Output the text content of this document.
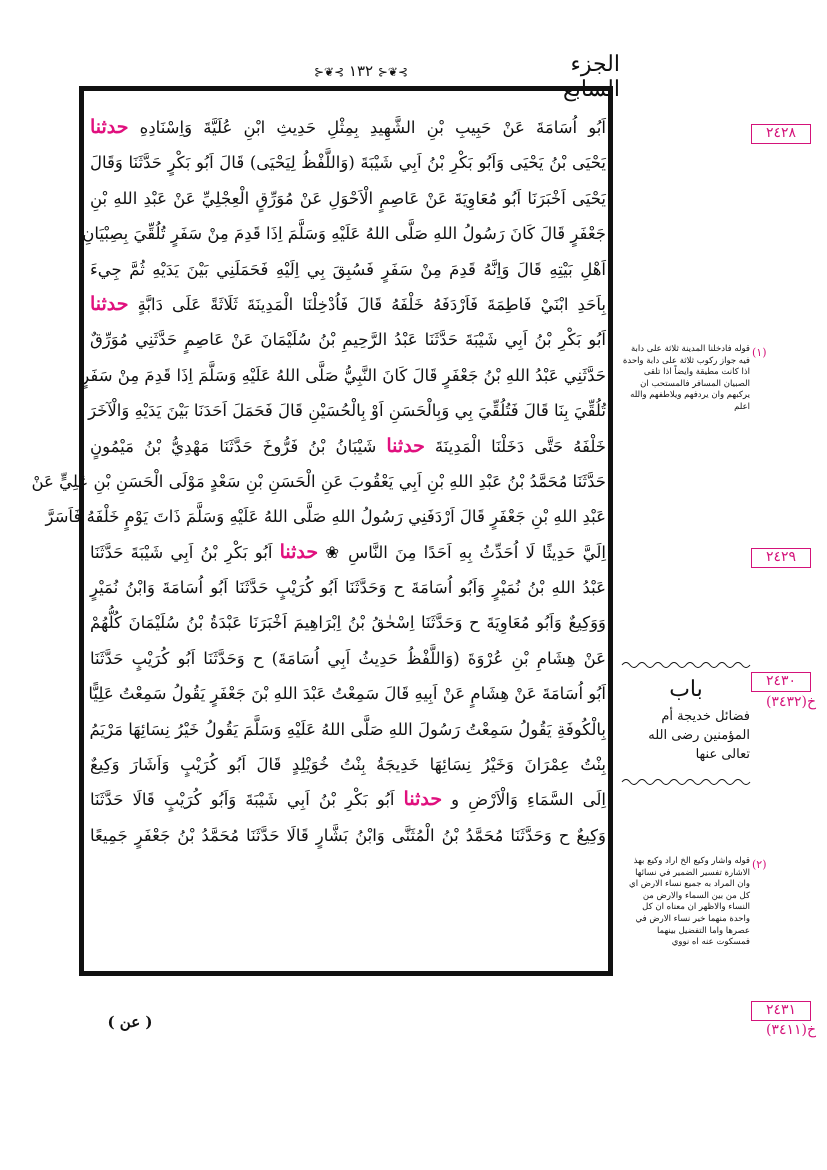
الجزء السابع
⊱❦⊰ ١٣٢ ⊱❦⊰
اَبُو اُسَامَةَ عَنْ حَبِيبِ بْنِ الشَّهِيدِ بِمِثْلِ حَدِيثِ ابْنِ عُلَيَّةَ وَاِسْنَادِهِ حدثنا
يَحْيَى بْنُ يَحْيَى وَاَبُو بَكْرِ بْنُ اَبِي شَيْبَةَ (وَاللَّفْظُ لِيَحْيَى) قَالَ اَبُو بَكْرٍ حَدَّثَنَا وَقَالَ
يَحْيَى اَخْبَرَنَا اَبُو مُعَاوِيَةَ عَنْ عَاصِمٍ الْاَحْوَلِ عَنْ مُوَرِّقٍ الْعِجْلِيِّ عَنْ عَبْدِ اللهِ بْنِ
جَعْفَرٍ قَالَ كَانَ رَسُولُ اللهِ صَلَّى اللهُ عَلَيْهِ وَسَلَّمَ اِذَا قَدِمَ مِنْ سَفَرٍ تُلُقِّيَ بِصِبْيَانِ
اَهْلِ بَيْتِهِ قَالَ وَاِنَّهُ قَدِمَ مِنْ سَفَرٍ فَسُبِقَ بِي اِلَيْهِ فَحَمَلَنِي بَيْنَ يَدَيْهِ ثُمَّ جِيءَ
بِاَحَدِ ابْنَيْ فَاطِمَةَ فَاَرْدَفَهُ خَلْفَهُ قَالَ فَاُدْخِلْنَا الْمَدِينَةَ ثَلَاثَةً عَلَى دَابَّةٍ حدثنا
اَبُو بَكْرِ بْنُ اَبِي شَيْبَةَ حَدَّثَنَا عَبْدُ الرَّحِيمِ بْنُ سُلَيْمَانَ عَنْ عَاصِمٍ حَدَّثَنِي مُوَرِّقٌ
حَدَّثَنِي عَبْدُ اللهِ بْنُ جَعْفَرٍ قَالَ كَانَ النَّبِيُّ صَلَّى اللهُ عَلَيْهِ وَسَلَّمَ اِذَا قَدِمَ مِنْ سَفَرٍ
تُلُقِّيَ بِنَا قَالَ فَتُلُقِّيَ بِي وَبِالْحَسَنِ اَوْ بِالْحُسَيْنِ قَالَ فَحَمَلَ اَحَدَنَا بَيْنَ يَدَيْهِ وَالْآخَرَ
خَلْفَهُ حَتَّى دَخَلْنَا الْمَدِينَةَ حدثنا شَيْبَانُ بْنُ فَرُّوخَ حَدَّثَنَا مَهْدِيُّ بْنُ مَيْمُونٍ
حَدَّثَنَا مُحَمَّدُ بْنُ عَبْدِ اللهِ بْنِ اَبِي يَعْقُوبَ عَنِ الْحَسَنِ بْنِ سَعْدٍ مَوْلَى الْحَسَنِ بْنِ عَلِيٍّ عَنْ
عَبْدِ اللهِ بْنِ جَعْفَرٍ قَالَ اَرْدَفَنِي رَسُولُ اللهِ صَلَّى اللهُ عَلَيْهِ وَسَلَّمَ ذَاتَ يَوْمٍ خَلْفَهُ فَاَسَرَّ
اِلَيَّ حَدِيثًا لَا اُحَدِّثُ بِهِ اَحَدًا مِنَ النَّاسِ ❀ حدثنا اَبُو بَكْرِ بْنُ اَبِي شَيْبَةَ حَدَّثَنَا
عَبْدُ اللهِ بْنُ نُمَيْرٍ وَاَبُو اُسَامَةَ ح وَحَدَّثَنَا اَبُو كُرَيْبٍ حَدَّثَنَا اَبُو اُسَامَةَ وَابْنُ نُمَيْرٍ
وَوَكِيعٌ وَاَبُو مُعَاوِيَةَ ح وَحَدَّثَنَا اِسْحٰقُ بْنُ اِبْرَاهِيمَ اَخْبَرَنَا عَبْدَةُ بْنُ سُلَيْمَانَ كُلُّهُمْ
عَنْ هِشَامِ بْنِ عُرْوَةَ (وَاللَّفْظُ حَدِيثُ اَبِي اُسَامَةَ) ح وَحَدَّثَنَا اَبُو كُرَيْبٍ حَدَّثَنَا
اَبُو اُسَامَةَ عَنْ هِشَامٍ عَنْ اَبِيهِ قَالَ سَمِعْتُ عَبْدَ اللهِ بْنَ جَعْفَرٍ يَقُولُ سَمِعْتُ عَلِيًّا
بِالْكُوفَةِ يَقُولُ سَمِعْتُ رَسُولَ اللهِ صَلَّى اللهُ عَلَيْهِ وَسَلَّمَ يَقُولُ خَيْرُ نِسَائِهَا مَرْيَمُ
بِنْتُ عِمْرَانَ وَخَيْرُ نِسَائِهَا خَدِيجَةُ بِنْتُ خُوَيْلِدٍ قَالَ اَبُو كُرَيْبٍ وَاَشَارَ وَكِيعٌ
اِلَى السَّمَاءِ وَالْاَرْضِ و حدثنا اَبُو بَكْرِ بْنُ اَبِي شَيْبَةَ وَاَبُو كُرَيْبٍ قَالَا حَدَّثَنَا
وَكِيعٌ ح وَحَدَّثَنَا مُحَمَّدُ بْنُ الْمُثَنَّى وَابْنُ بَشَّارٍ قَالَا حَدَّثَنَا مُحَمَّدُ بْنُ جَعْفَرٍ جَمِيعًا
٢٤٢٨
٢٤٢٩
٢٤٣٠
خ(٣٤٣٢)
٢٤٣١
خ(٣٤١١)
(١)
قوله فادخلنا المدينة ثلاثة على دابة فيه جواز ركوب ثلاثة على دابة واحدة اذا كانت مطيقة وايضاً اذا تلقى الصبيان المسافر فالمستحب ان يركبهم وان يردفهم ويلاطفهم والله اعلم
باب
فضائل خديجة أم المؤمنين رضى الله تعالى عنها
(٢)
قوله واشار وكيع الخ اراد وكيع بهذ الاشارة تفسير الضمير في نسائها وان المراد به جميع نساء الارض اي كل من بين السماء والارض من النساء والاظهر ان معناه ان كل واحدة منهما خير نساء الارض في عصرها واما التفضيل بينهما فمسكوت عنه اه نووي
( عن )
